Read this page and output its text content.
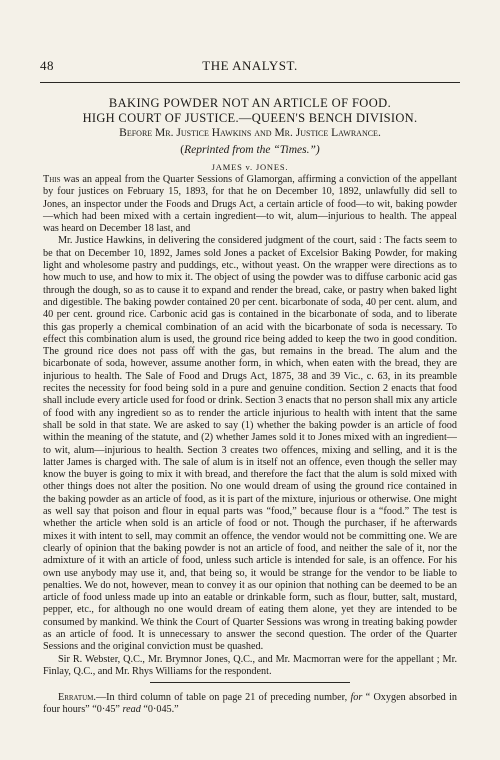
48	THE ANALYST.
BAKING POWDER NOT AN ARTICLE OF FOOD.
HIGH COURT OF JUSTICE.—QUEEN'S BENCH DIVISION.
Before Mr. Justice Hawkins and Mr. Justice Lawrance.
(Reprinted from the “Times.”)
JAMES v. JONES.

This was an appeal from the Quarter Sessions of Glamorgan, affirming a conviction of the appellant by four justices on February 15, 1893, for that he on December 10, 1892, unlawfully did sell to Jones, an inspector under the Foods and Drugs Act, a certain article of food—to wit, baking powder—which had been mixed with a certain ingredient—to wit, alum—injurious to health. The appeal was heard on December 18 last, and

Mr. Justice Hawkins, in delivering the considered judgment of the court, said : The facts seem to be that on December 10, 1892, James sold Jones a packet of Excelsior Baking Powder, for making light and wholesome pastry and puddings, etc., without yeast. On the wrapper were directions as to how much to use, and how to mix it. The object of using the powder was to diffuse carbonic acid gas through the dough, so as to cause it to expand and render the bread, cake, or pastry when baked light and digestible. The baking powder contained 20 per cent. bicarbonate of soda, 40 per cent. alum, and 40 per cent. ground rice. Carbonic acid gas is contained in the bicarbonate of soda, and to liberate this gas properly a chemical combination of an acid with the bicarbonate of soda is necessary. To effect this combination alum is used, the ground rice being added to keep the two in good condition. The ground rice does not pass off with the gas, but remains in the bread. The alum and the bicarbonate of soda, however, assume another form, in which, when eaten with the bread, they are injurious to health. The Sale of Food and Drugs Act, 1875, 38 and 39 Vic., c. 63, in its preamble recites the necessity for food being sold in a pure and genuine condition. Section 2 enacts that food shall include every article used for food or drink. Section 3 enacts that no person shall mix any article of food with any ingredient so as to render the article injurious to health with intent that the same shall be sold in that state. We are asked to say (1) whether the baking powder is an article of food within the meaning of the statute, and (2) whether James sold it to Jones mixed with an ingredient—to wit, alum—injurious to health. Section 3 creates two offences, mixing and selling, and it is the latter James is charged with. The sale of alum is in itself not an offence, even though the seller may know the buyer is going to mix it with bread, and therefore the fact that the alum is sold mixed with other things does not alter the position. No one would dream of using the ground rice contained in the baking powder as an article of food, as it is part of the mixture, injurious or otherwise. One might as well say that poison and flour in equal parts was “food,” because flour is a “food.” The test is whether the article when sold is an article of food or not. Though the purchaser, if he afterwards mixes it with intent to sell, may commit an offence, the vendor would not be committing one. We are clearly of opinion that the baking powder is not an article of food, and neither the sale of it, nor the admixture of it with an article of food, unless such article is intended for sale, is an offence. For his own use anybody may use it, and, that being so, it would be strange for the vendor to be liable to penalties. We do not, however, mean to convey it as our opinion that nothing can be deemed to be an article of food unless made up into an eatable or drinkable form, such as flour, butter, salt, mustard, pepper, etc., for although no one would dream of eating them alone, yet they are intended to be consumed by mankind. We think the Court of Quarter Sessions was wrong in treating baking powder as an article of food. It is unnecessary to answer the second question. The order of the Quarter Sessions and the original conviction must be quashed.

Sir R. Webster, Q.C., Mr. Brymnor Jones, Q.C., and Mr. Macmorran were for the appellant ; Mr. Finlay, Q.C., and Mr. Rhys Williams for the respondent.

Erratum.—In third column of table on page 21 of preceding number, for “ Oxygen absorbed in four hours” “0·45” read “0·045.”
